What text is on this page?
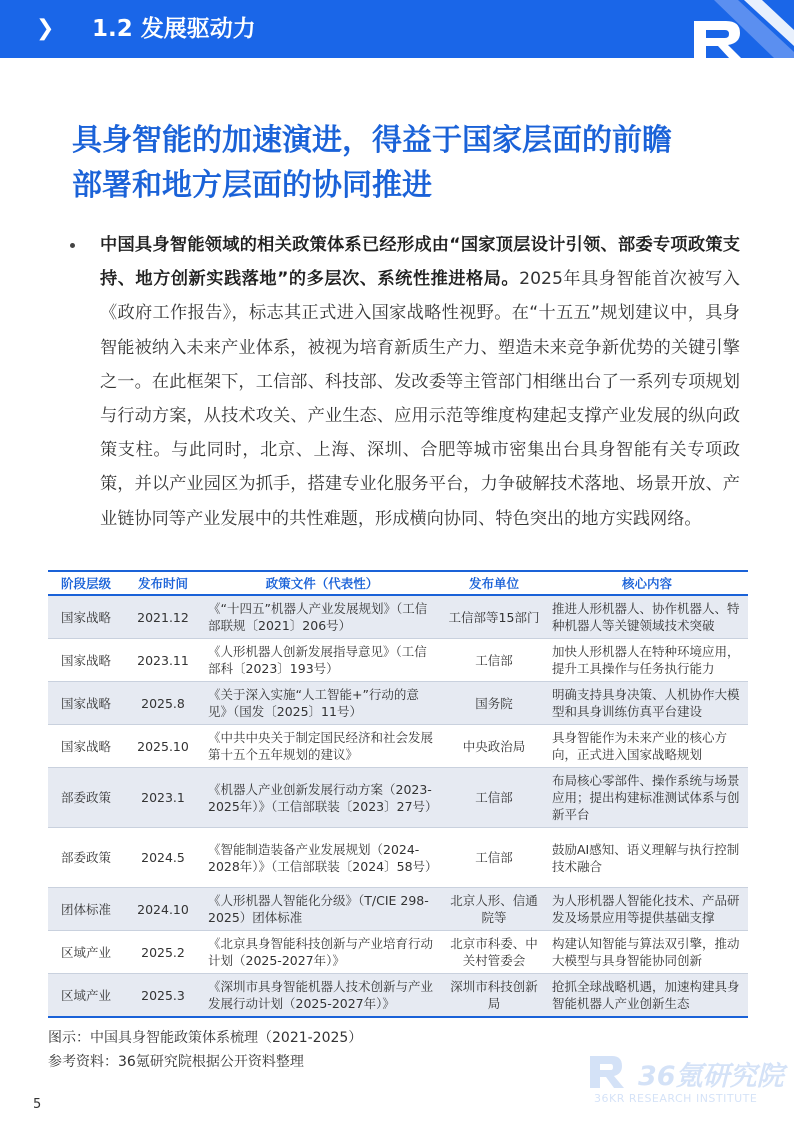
❯ 1.2 发展驱动力
具身智能的加速演进，得益于国家层面的前瞻
部署和地方层面的协同推进

中国具身智能领域的相关政策体系已经形成由“国家顶层设计引领、部委专项政策支持、地方创新实践落地”的多层次、系统性推进格局。2025年具身智能首次被写入《政府工作报告》，标志其正式进入国家战略性视野。在“十五五”规划建议中，具身智能被纳入未来产业体系，被视为培育新质生产力、塑造未来竞争新优势的关键引擎之一。在此框架下，工信部、科技部、发改委等主管部门相继出台了一系列专项规划与行动方案，从技术攻关、产业生态、应用示范等维度构建起支撑产业发展的纵向政策支柱。与此同时，北京、上海、深圳、合肥等城市密集出台具身智能有关专项政策，并以产业园区为抓手，搭建专业化服务平台，力争破解技术落地、场景开放、产业链协同等产业发展中的共性难题，形成横向协同、特色突出的地方实践网络。

阶段层级	发布时间	政策文件（代表性）	发布单位	核心内容
国家战略	2021.12	《“十四五”机器人产业发展规划》（工信部联规〔2021〕206号）	工信部等15部门	推进人形机器人、协作机器人、特种机器人等关键领域技术突破
国家战略	2023.11	《人形机器人创新发展指导意见》（工信部科〔2023〕193号）	工信部	加快人形机器人在特种环境应用，提升工具操作与任务执行能力
国家战略	2025.8	《关于深入实施“人工智能+”行动的意见》（国发〔2025〕11号）	国务院	明确支持具身决策、人机协作大模型和具身训练仿真平台建设
国家战略	2025.10	《中共中央关于制定国民经济和社会发展第十五个五年规划的建议》	中央政治局	具身智能作为未来产业的核心方向，正式进入国家战略规划
部委政策	2023.1	《机器人产业创新发展行动方案（2023-2025年）》（工信部联装〔2023〕27号）	工信部	布局核心零部件、操作系统与场景应用；提出构建标准测试体系与创新平台
部委政策	2024.5	《智能制造装备产业发展规划（2024-2028年）》（工信部联装〔2024〕58号）	工信部	鼓励AI感知、语义理解与执行控制技术融合
团体标准	2024.10	《人形机器人智能化分级》（T/CIE 298-2025）团体标准	北京人形、信通院等	为人形机器人智能化技术、产品研发及场景应用等提供基础支撑
区域产业	2025.2	《北京具身智能科技创新与产业培育行动计划（2025-2027年）》	北京市科委、中关村管委会	构建认知智能与算法双引擎，推动大模型与具身智能协同创新
区域产业	2025.3	《深圳市具身智能机器人技术创新与产业发展行动计划（2025-2027年）》	深圳市科技创新局	抢抓全球战略机遇，加速构建具身智能机器人产业创新生态
图示：中国具身智能政策体系梳理（2021-2025）
参考资料：36氪研究院根据公开资料整理
5
36氪研究院
36KR RESEARCH INSTITUTE
